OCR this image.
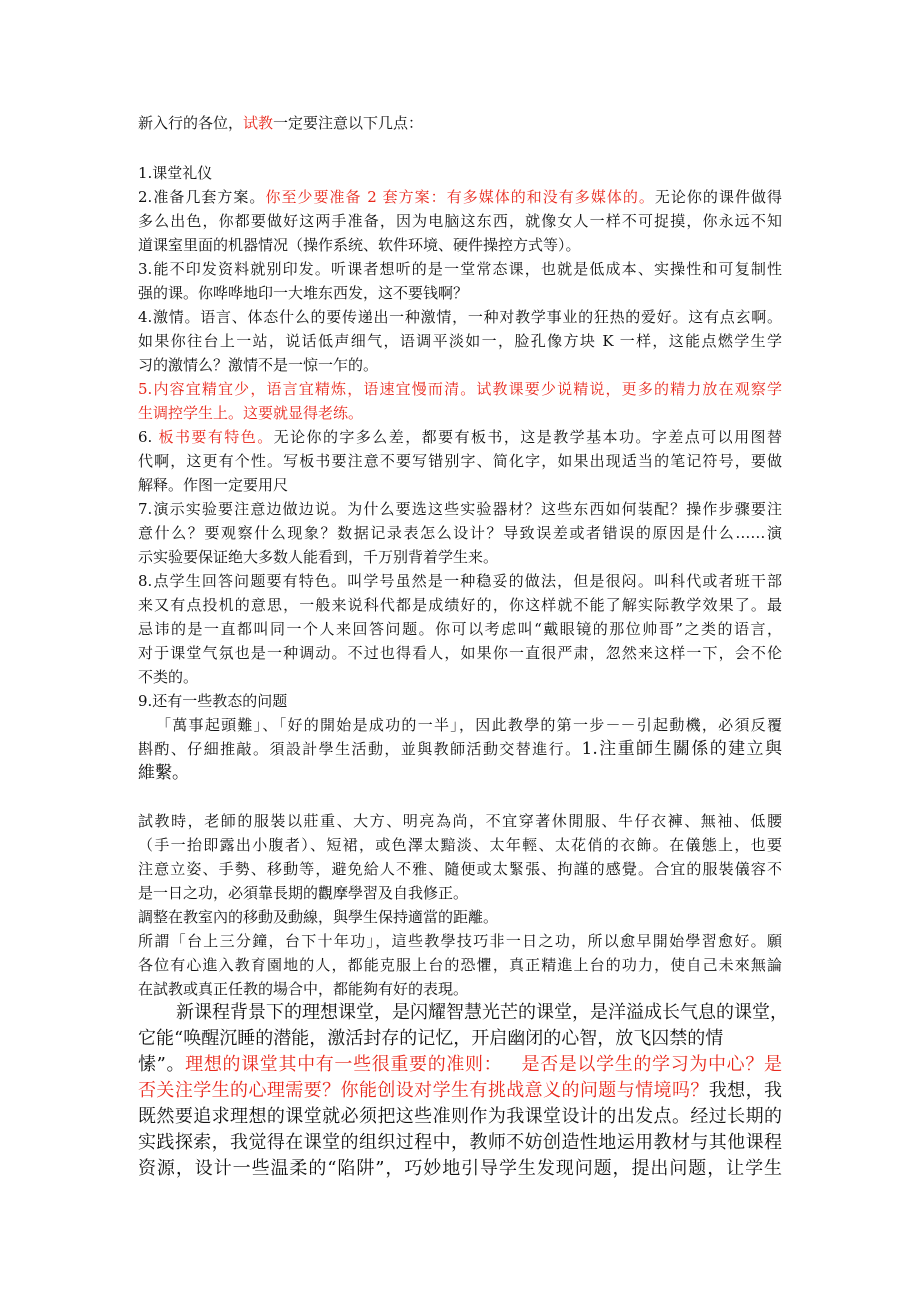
新入行的各位，试教一定要注意以下几点：
1.课堂礼仪
2.准备几套方案。你至少要准备 2 套方案：有多媒体的和没有多媒体的。无论你的课件做得
多么出色，你都要做好这两手准备，因为电脑这东西，就像女人一样不可捉摸，你永远不知
道课室里面的机器情况（操作系统、软件环境、硬件操控方式等）。
3.能不印发资料就别印发。听课者想听的是一堂常态课，也就是低成本、实操性和可复制性
强的课。你哗哗地印一大堆东西发，这不要钱啊？
4.激情。语言、体态什么的要传递出一种激情，一种对教学事业的狂热的爱好。这有点玄啊。
如果你往台上一站，说话低声细气，语调平淡如一，脸孔像方块 K 一样，这能点燃学生学
习的激情么？激情不是一惊一乍的。
5.内容宜精宜少，语言宜精炼，语速宜慢而清。试教课要少说精说，更多的精力放在观察学
生调控学生上。这要就显得老练。
6. 板书要有特色。无论你的字多么差，都要有板书，这是教学基本功。字差点可以用图替
代啊，这更有个性。写板书要注意不要写错别字、简化字，如果出现适当的笔记符号，要做
解释。作图一定要用尺
7.演示实验要注意边做边说。为什么要选这些实验器材？这些东西如何装配？操作步骤要注
意什么？要观察什么现象？数据记录表怎么设计？导致误差或者错误的原因是什么……演
示实验要保证绝大多数人能看到，千万别背着学生来。
8.点学生回答问题要有特色。叫学号虽然是一种稳妥的做法，但是很闷。叫科代或者班干部
来又有点投机的意思，一般来说科代都是成绩好的，你这样就不能了解实际教学效果了。最
忌讳的是一直都叫同一个人来回答问题。你可以考虑叫“戴眼镜的那位帅哥”之类的语言，
对于课堂气氛也是一种调动。不过也得看人，如果你一直很严肃，忽然来这样一下，会不伦
不类的。
9.还有一些教态的问题
「萬事起頭難」、「好的開始是成功的一半」，因此教學的第一步－－引起動機，必須反覆
斟酌、仔細推敲。須設計學生活動，並與教師活動交替進行。1.注重師生關係的建立與
維繫。
試教時，老師的服裝以莊重、大方、明亮為尚，不宜穿著休閒服、牛仔衣褲、無袖、低腰
（手一抬即露出小腹者）、短裙，或色澤太黯淡、太年輕、太花俏的衣飾。在儀態上，也要
注意立姿、手勢、移動等，避免給人不雅、隨便或太緊張、拘謹的感覺。合宜的服裝儀容不
是一日之功，必須靠長期的觀摩學習及自我修正。
調整在教室內的移動及動線，與學生保持適當的距離。
所謂「台上三分鐘，台下十年功」，這些教學技巧非一日之功，所以愈早開始學習愈好。願
各位有心進入教育園地的人，都能克服上台的恐懼，真正精進上台的功力，使自己未來無論
在試教或真正任教的場合中，都能夠有好的表現。
新课程背景下的理想课堂，是闪耀智慧光芒的课堂，是洋溢成长气息的课堂，
它能“唤醒沉睡的潜能，激活封存的记忆，开启幽闭的心智，放飞囚禁的情
愫”。理想的课堂其中有一些很重要的准则：   是否是以学生的学习为中心？是
否关注学生的心理需要？你能创设对学生有挑战意义的问题与情境吗？我想，我
既然要追求理想的课堂就必须把这些准则作为我课堂设计的出发点。经过长期的
实践探索，我觉得在课堂的组织过程中，教师不妨创造性地运用教材与其他课程
资源，设计一些温柔的“陷阱”，巧妙地引导学生发现问题，提出问题，让学生
